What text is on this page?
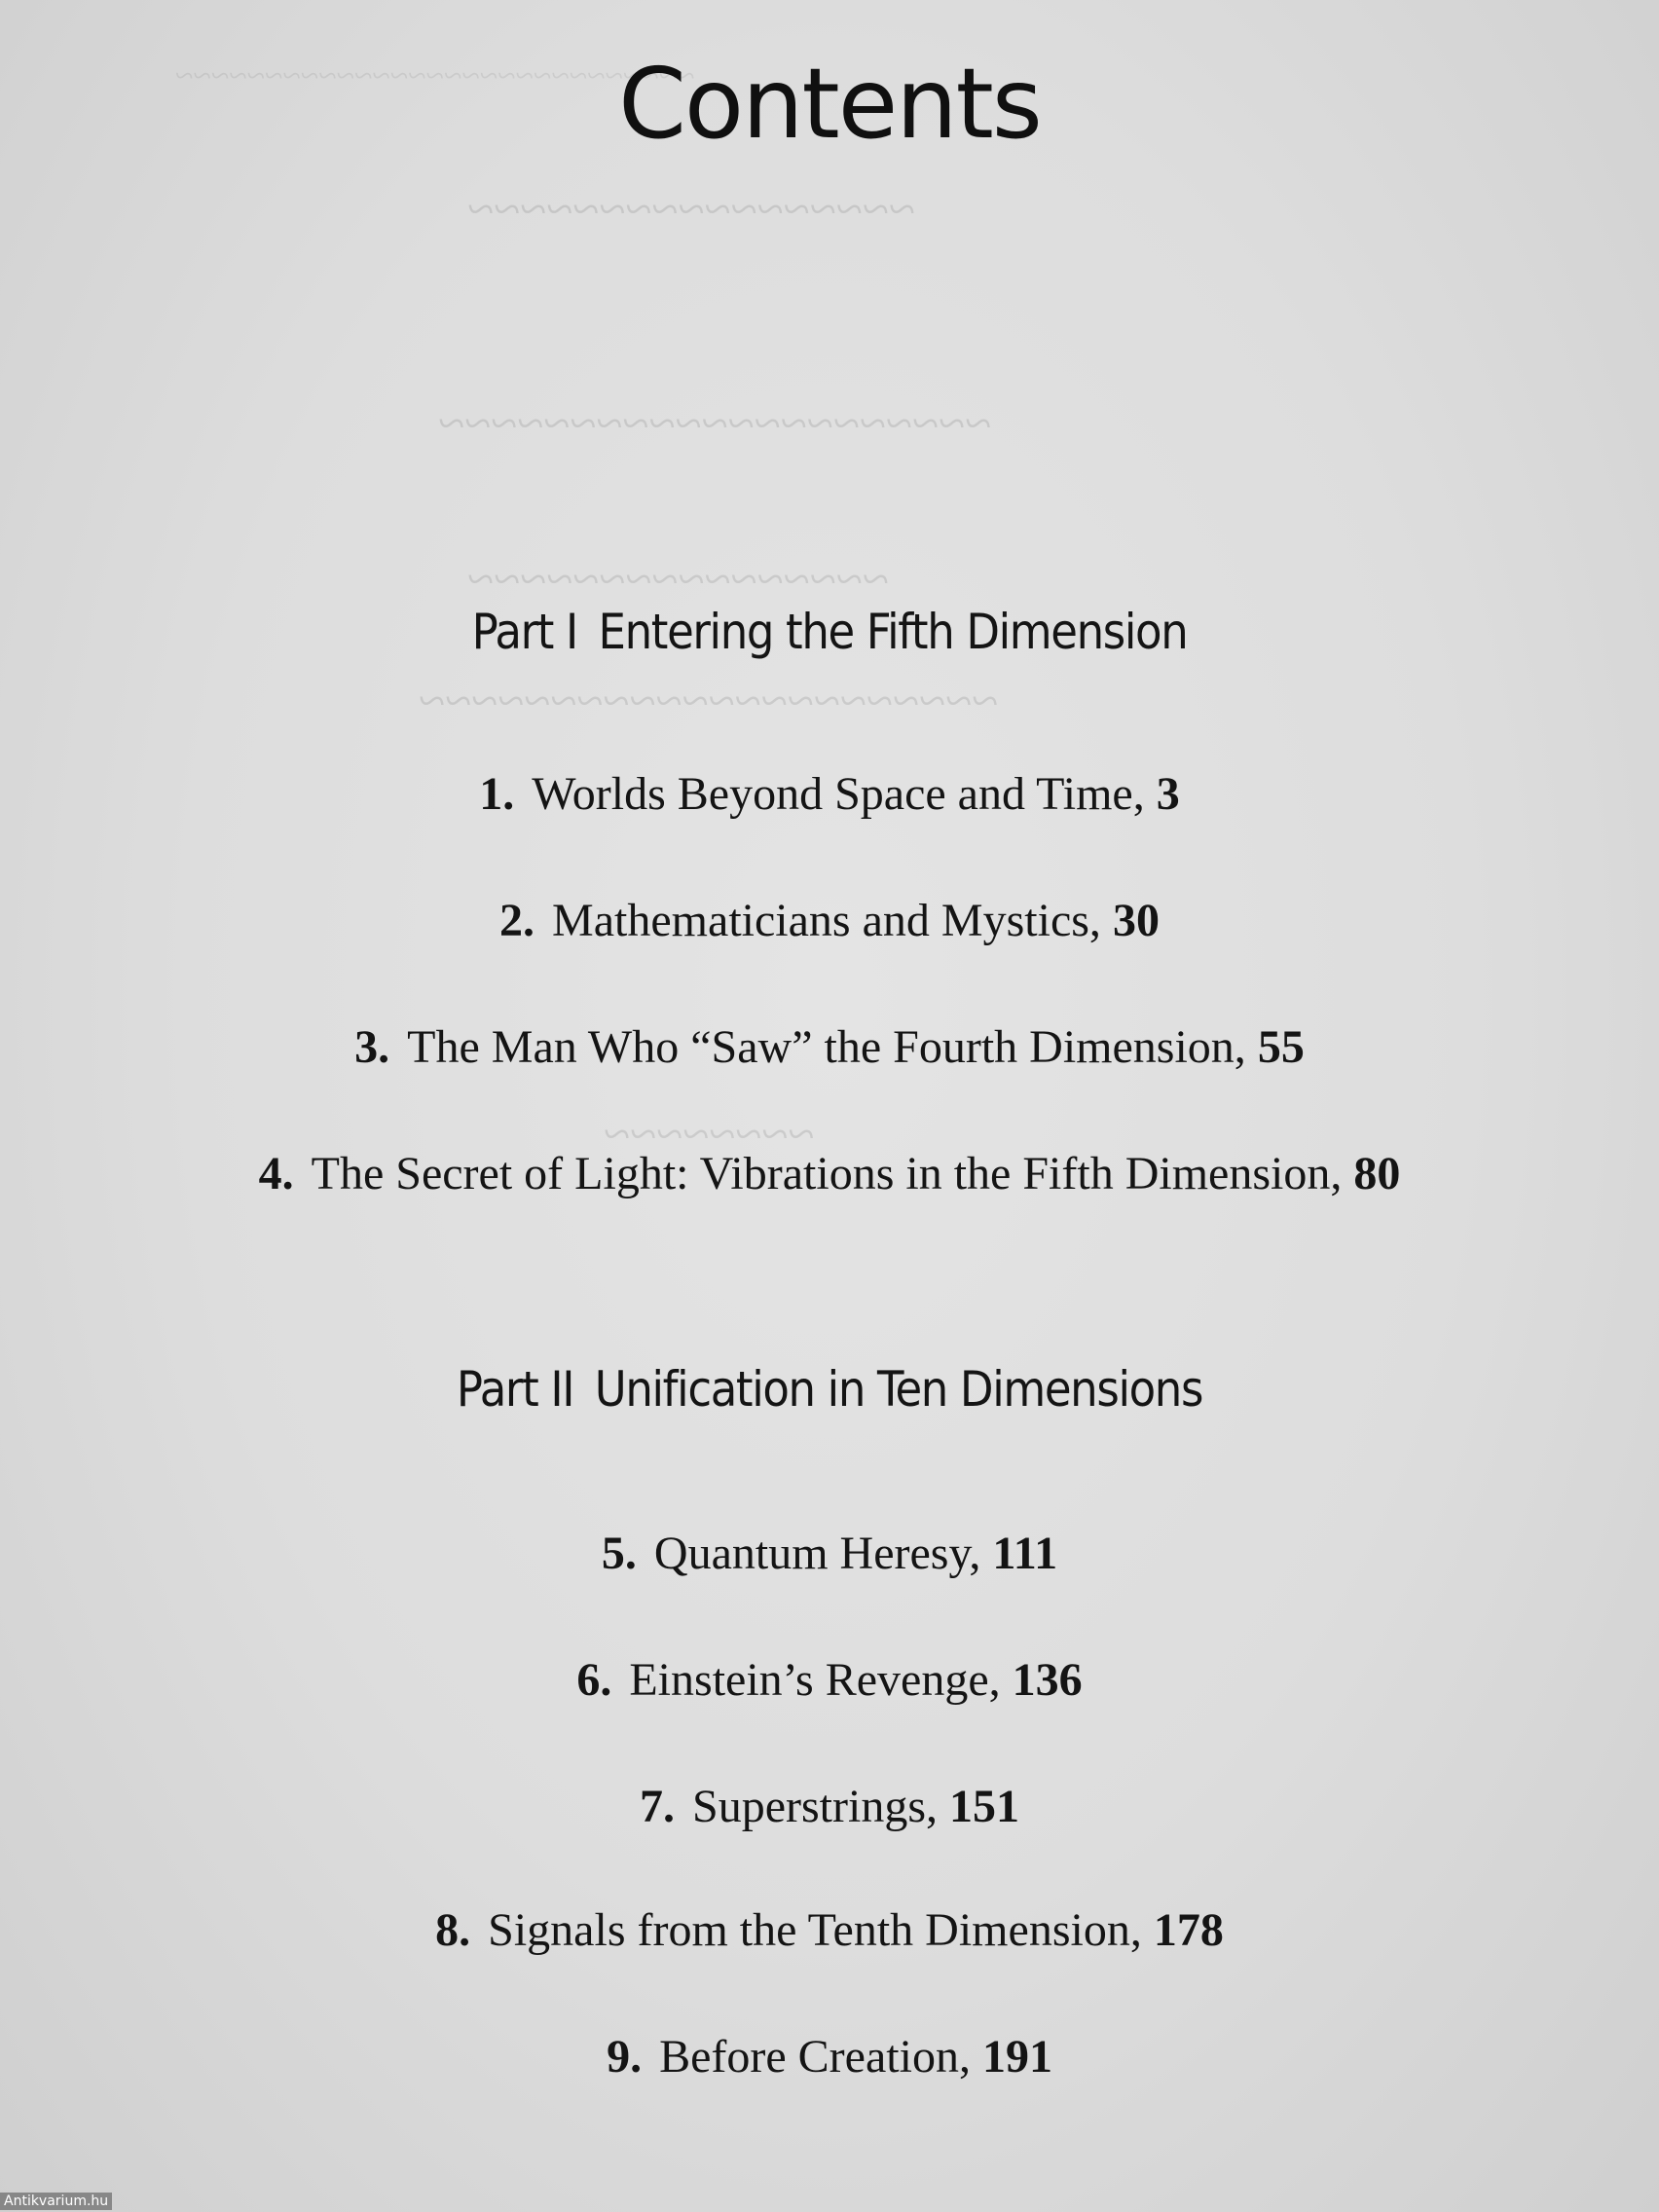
~~~~~~~~~~~~~~~~~~~~~~~~~~~~~
~~~~~~~~~~~~~~~~~
~~~~~~~~~~~~~~~~~~~~~
~~~~~~~~~~~~~~~~
~~~~~~~~~~~~~~~~~~~~~~
~~~~~~~~
Contents
Part I Entering the Fifth Dimension
1. Worlds Beyond Space and Time, 3
2. Mathematicians and Mystics, 30
3. The Man Who “Saw” the Fourth Dimension, 55
4. The Secret of Light: Vibrations in the Fifth Dimension, 80
Part II Unification in Ten Dimensions
5. Quantum Heresy, 111
6. Einstein’s Revenge, 136
7. Superstrings, 151
8. Signals from the Tenth Dimension, 178
9. Before Creation, 191
Antikvarium.hu
